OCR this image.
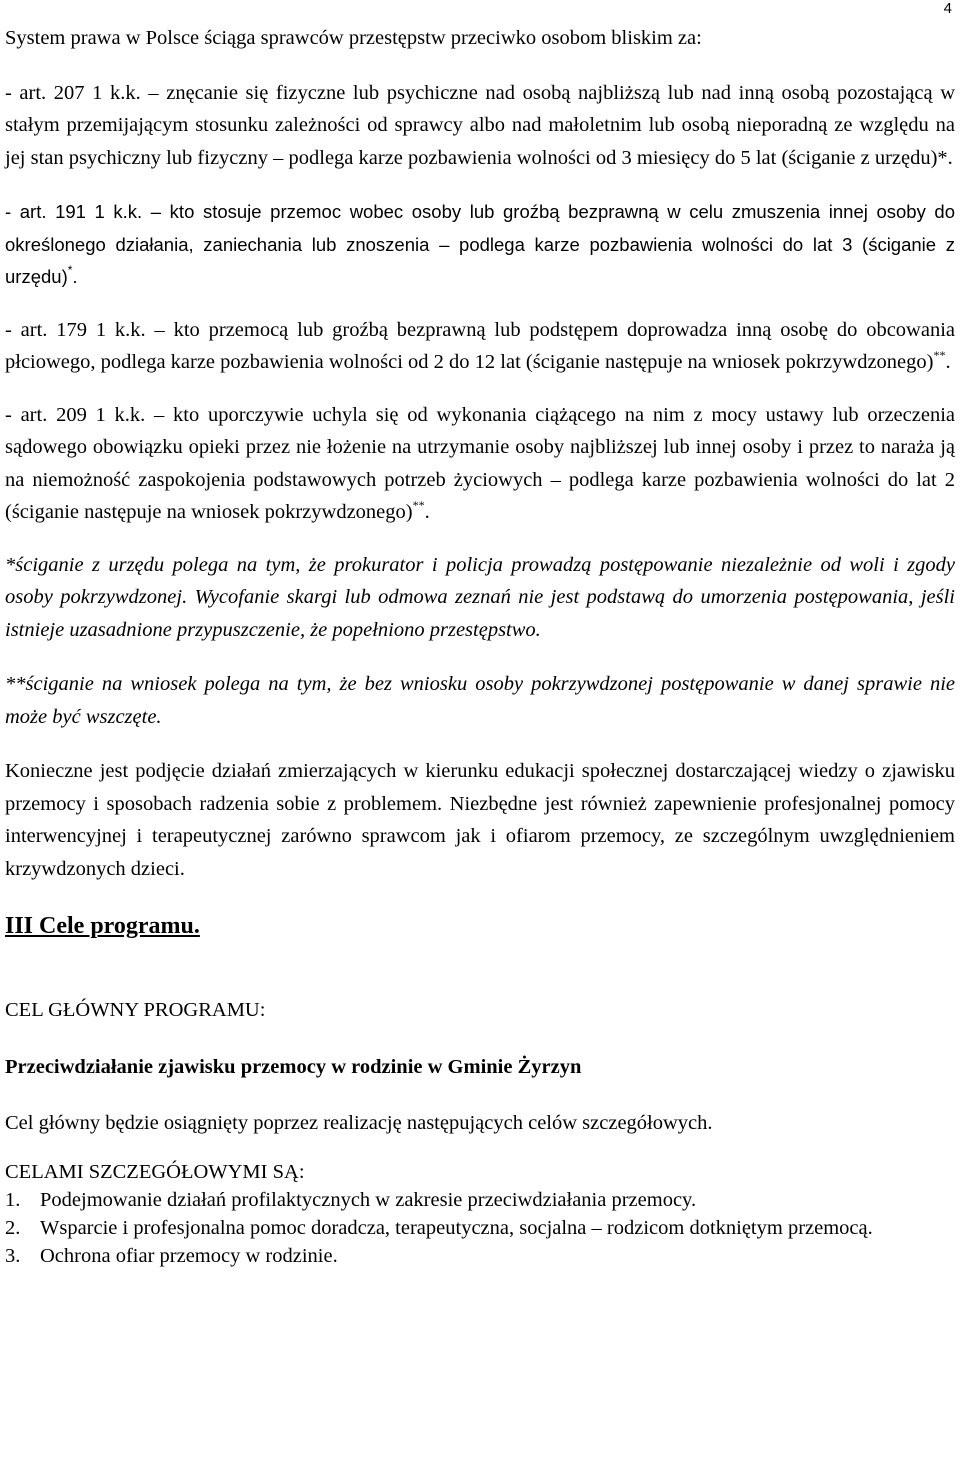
4

System prawa w Polsce ściąga sprawców przestępstw przeciwko osobom bliskim za:

- art. 207 1 k.k. – znęcanie się fizyczne lub psychiczne nad osobą najbliższą lub nad inną osobą pozostającą w stałym przemijającym stosunku zależności od sprawcy albo nad małoletnim lub osobą nieporadną ze względu na jej stan psychiczny lub fizyczny – podlega karze pozbawienia wolności od 3 miesięcy do 5 lat (ściganie z urzędu)*.

- art. 191 1 k.k. – kto stosuje przemoc wobec osoby lub groźbą bezprawną w celu zmuszenia innej osoby do określonego działania, zaniechania lub znoszenia – podlega karze pozbawienia wolności do lat 3 (ściganie z urzędu)*.

- art. 179 1 k.k. – kto przemocą lub groźbą bezprawną lub podstępem doprowadza inną osobę do obcowania płciowego, podlega karze pozbawienia wolności od 2 do 12 lat (ściganie następuje na wniosek pokrzywdzonego)**.

- art. 209 1 k.k. – kto uporczywie uchyla się od wykonania ciążącego na nim z mocy ustawy lub orzeczenia sądowego obowiązku opieki przez nie łożenie na utrzymanie osoby najbliższej lub innej osoby i przez to naraża ją na niemożność zaspokojenia podstawowych potrzeb życiowych – podlega karze pozbawienia wolności do lat 2 (ściganie następuje na wniosek pokrzywdzonego)**.

*ściganie z urzędu polega na tym, że prokurator i policja prowadzą postępowanie niezależnie od woli i zgody osoby pokrzywdzonej. Wycofanie skargi lub odmowa zeznań nie jest podstawą do umorzenia postępowania, jeśli istnieje uzasadnione przypuszczenie, że popełniono przestępstwo.

**ściganie na wniosek polega na tym, że bez wniosku osoby pokrzywdzonej postępowanie w danej sprawie nie może być wszczęte.

Konieczne jest podjęcie działań zmierzających w kierunku edukacji społecznej dostarczającej wiedzy o zjawisku przemocy i sposobach radzenia sobie z problemem. Niezbędne jest również zapewnienie profesjonalnej pomocy interwencyjnej i terapeutycznej zarówno sprawcom jak i ofiarom przemocy, ze szczególnym uwzględnieniem krzywdzonych dzieci.

III Cele programu.

CEL GŁÓWNY PROGRAMU:

Przeciwdziałanie zjawisku przemocy w rodzinie w Gminie Żyrzyn

Cel główny będzie osiągnięty poprzez realizację następujących celów szczegółowych.

CELAMI SZCZEGÓŁOWYMI SĄ:

1. Podejmowanie działań profilaktycznych w zakresie przeciwdziałania przemocy.
2. Wsparcie i profesjonalna pomoc doradcza, terapeutyczna, socjalna – rodzicom dotkniętym przemocą.
3. Ochrona ofiar przemocy w rodzinie.
